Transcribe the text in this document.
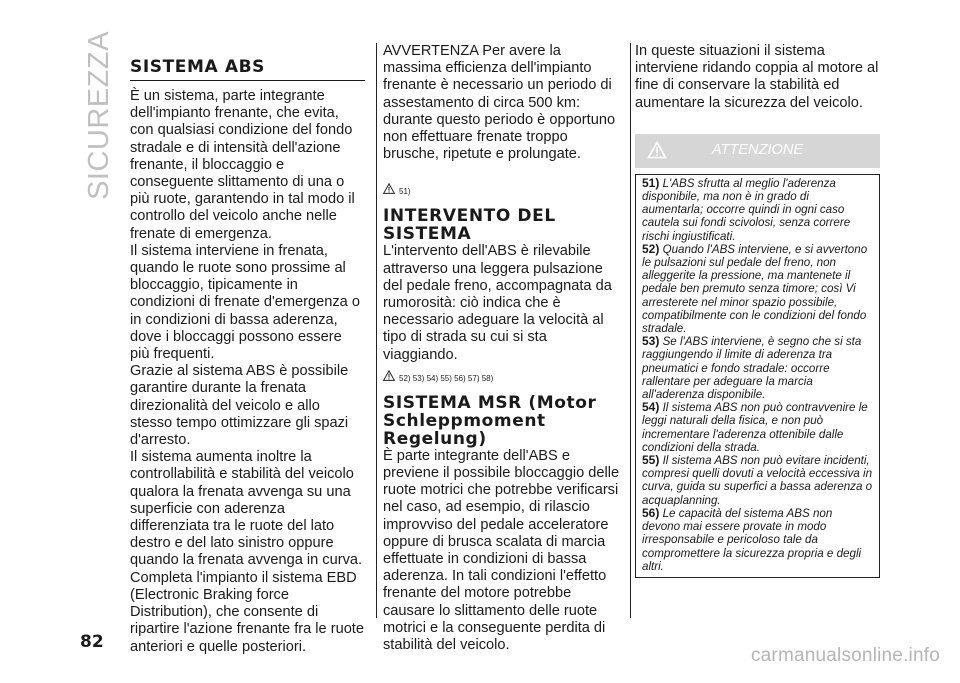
SICUREZZA SISTEMA ABS

È un sistema, parte integrante dell'impianto frenante, che evita, con qualsiasi condizione del fondo stradale e di intensità dell'azione frenante, il bloccaggio e conseguente slittamento di una o più ruote, garantendo in tal modo il controllo del veicolo anche nelle frenate di emergenza.

Il sistema interviene in frenata, quando le ruote sono prossime al bloccaggio, tipicamente in condizioni di frenate d'emergenza o in condizioni di bassa aderenza, dove i bloccaggi possono essere più frequenti.

Grazie al sistema ABS è possibile garantire durante la frenata direzionalità del veicolo e allo stesso tempo ottimizzare gli spazi d'arresto.

Il sistema aumenta inoltre la controllabilità e stabilità del veicolo qualora la frenata avvenga su una superficie con aderenza differenziata tra le ruote del lato destro e del lato sinistro oppure quando la frenata avvenga in curva.

Completa l'impianto il sistema EBD (Electronic Braking force Distribution), che consente di ripartire l'azione frenante fra le ruote anteriori e quelle posteriori.

AVVERTENZA Per avere la massima efficienza dell'impianto frenante è necessario un periodo di assestamento di circa 500 km: durante questo periodo è opportuno non effettuare frenate troppo brusche, ripetute e prolungate.

51)
INTERVENTO DEL SISTEMA

L'intervento dell'ABS è rilevabile attraverso una leggera pulsazione del pedale freno, accompagnata da rumorosità: ciò indica che è necessario adeguare la velocità al tipo di strada su cui si sta viaggiando.

52) 53) 54) 55) 56) 57) 58)
SISTEMA MSR (Motor Schleppmoment Regelung)

È parte integrante dell'ABS e previene il possibile bloccaggio delle ruote motrici che potrebbe verificarsi nel caso, ad esempio, di rilascio improvviso del pedale acceleratore oppure di brusca scalata di marcia effettuate in condizioni di bassa aderenza. In tali condizioni l'effetto frenante del motore potrebbe causare lo slittamento delle ruote motrici e la conseguente perdita di stabilità del veicolo.

In queste situazioni il sistema interviene ridando coppia al motore al fine di conservare la stabilità ed aumentare la sicurezza del veicolo.

ATTENZIONE

51) L'ABS sfrutta al meglio l'aderenza disponibile, ma non è in grado di aumentarla; occorre quindi in ogni caso cautela sui fondi scivolosi, senza correre rischi ingiustificati.

52) Quando l'ABS interviene, e si avvertono le pulsazioni sul pedale del freno, non alleggerite la pressione, ma mantenete il pedale ben premuto senza timore; così Vi arresterete nel minor spazio possibile, compatibilmente con le condizioni del fondo stradale.

53) Se l'ABS interviene, è segno che si sta raggiungendo il limite di aderenza tra pneumatici e fondo stradale: occorre rallentare per adeguare la marcia all'aderenza disponibile.

54) Il sistema ABS non può contravvenire le leggi naturali della fisica, e non può incrementare l'aderenza ottenibile dalle condizioni della strada.

55) Il sistema ABS non può evitare incidenti, compresi quelli dovuti a velocità eccessiva in curva, guida su superfici a bassa aderenza o acquaplanning.

56) Le capacità del sistema ABS non devono mai essere provate in modo irresponsabile e pericoloso tale da compromettere la sicurezza propria e degli altri.

82
carmanualsonline.info
